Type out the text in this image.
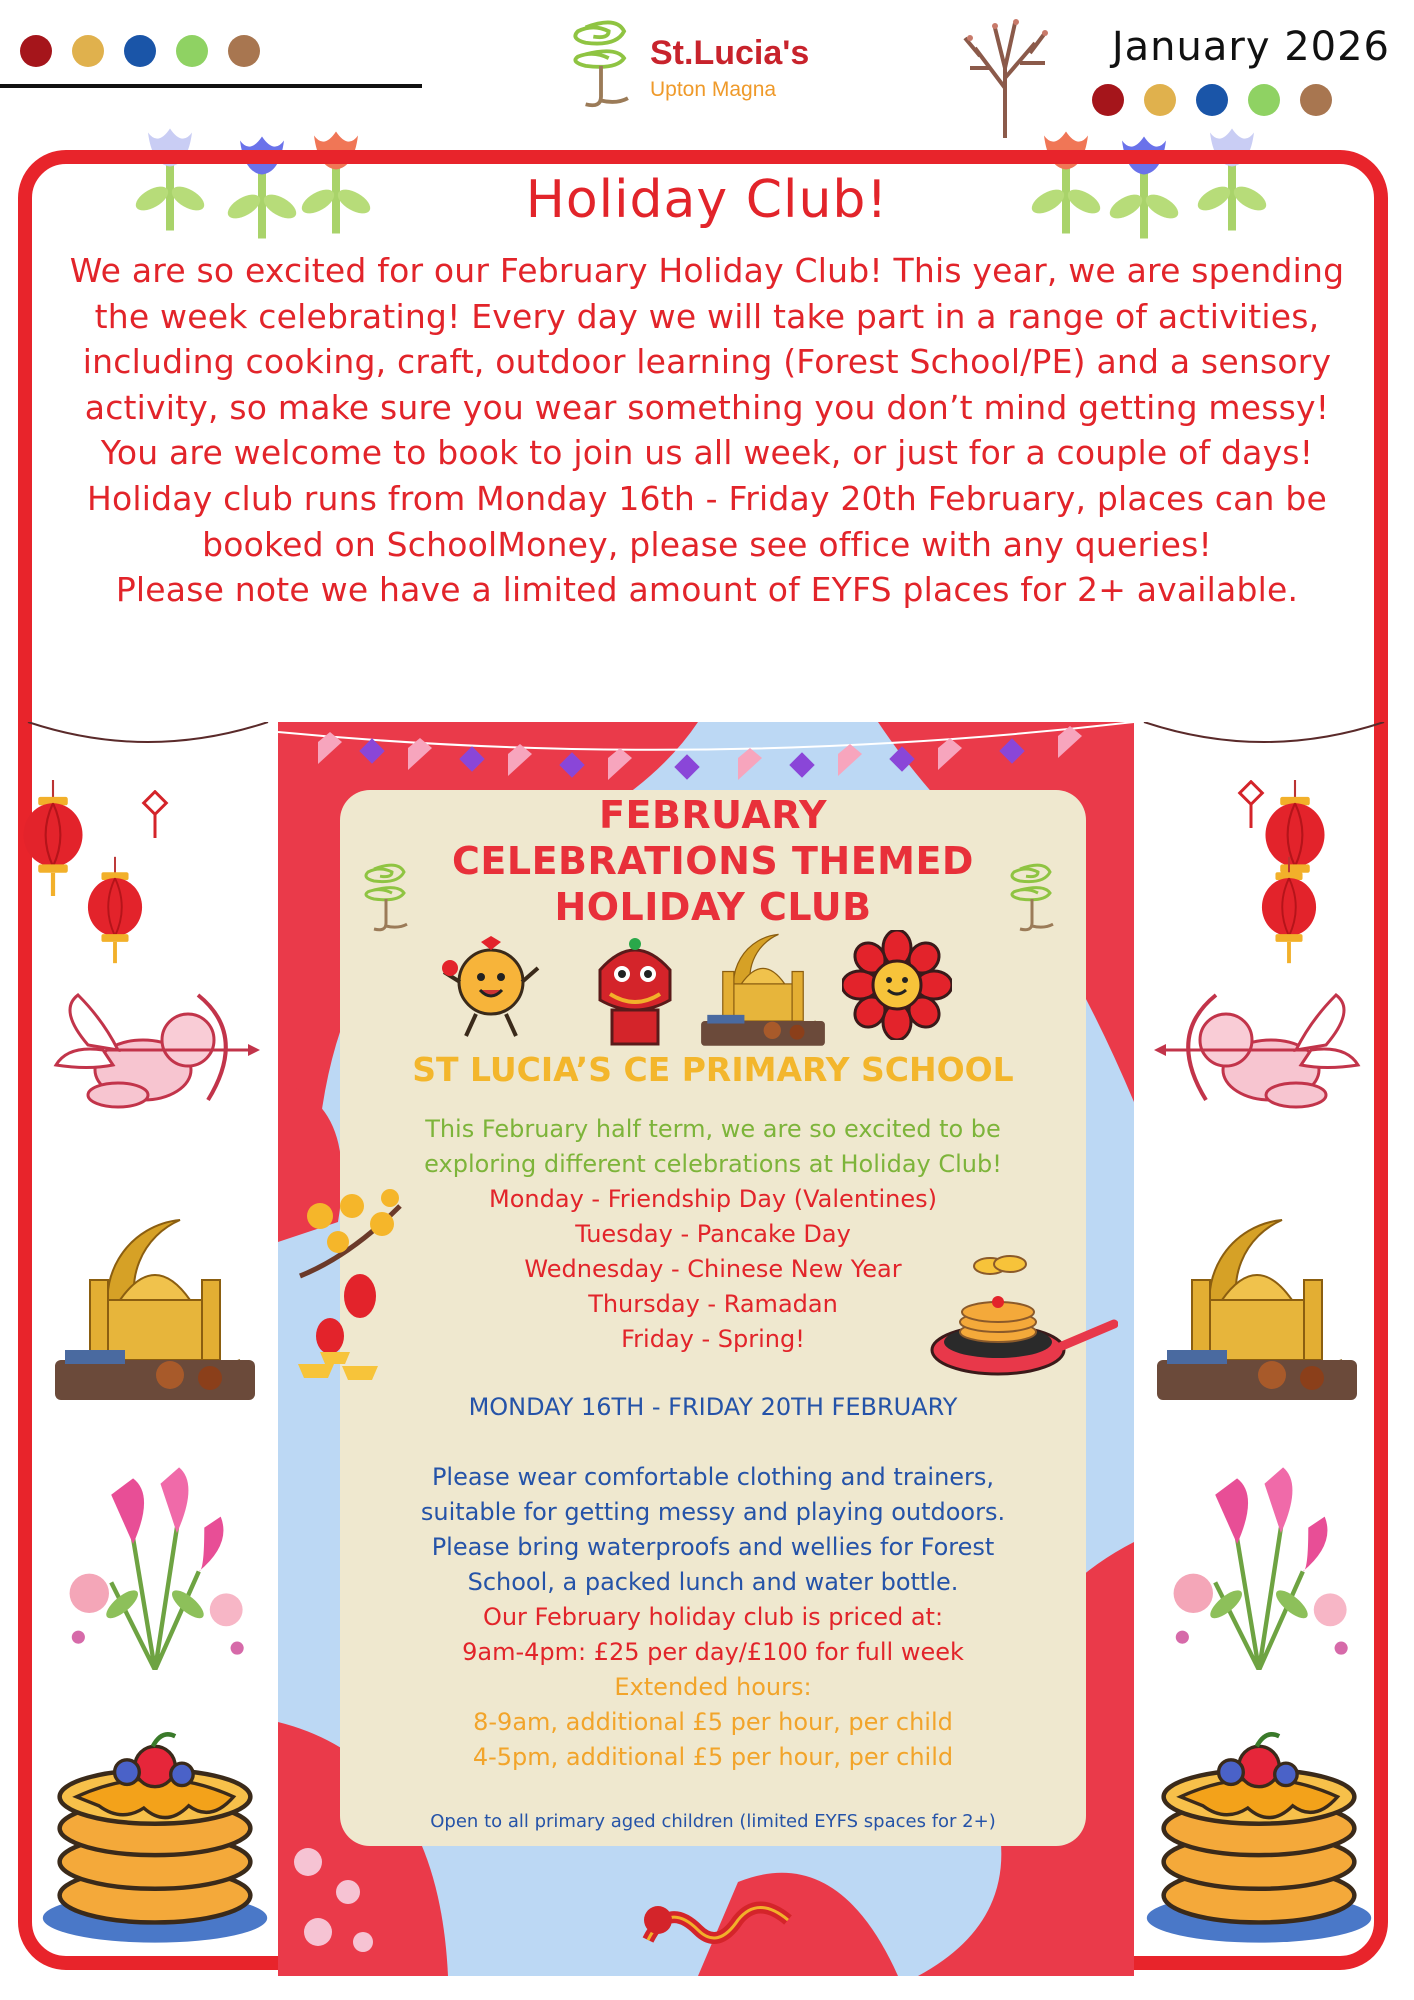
St.Lucia's
Upton Magna
January 2026
Holiday Club!

We are so excited for our February Holiday Club! This year, we are spending the week celebrating! Every day we will take part in a range of activities, including cooking, craft, outdoor learning (Forest School/PE) and a sensory activity, so make sure you wear something you don’t mind getting messy! You are welcome to book to join us all week, or just for a couple of days! Holiday club runs from Monday 16th - Friday 20th February, places can be booked on SchoolMoney, please see office with any queries!

Please note we have a limited amount of EYFS places for 2+ available.

FEBRUARY
CELEBRATIONS THEMED
HOLIDAY CLUB
ST LUCIA’S CE PRIMARY SCHOOL
This February half term, we are so excited to be
exploring different celebrations at Holiday Club!
Monday - Friendship Day (Valentines)
Tuesday - Pancake Day
Wednesday - Chinese New Year
Thursday - Ramadan
Friday - Spring!
MONDAY 16TH - FRIDAY 20TH FEBRUARY
Please wear comfortable clothing and trainers,
suitable for getting messy and playing outdoors.
Please bring waterproofs and wellies for Forest
School, a packed lunch and water bottle.
Our February holiday club is priced at:
9am-4pm: £25 per day/£100 for full week
Extended hours:
8-9am, additional £5 per hour, per child
4-5pm, additional £5 per hour, per child
Open to all primary aged children (limited EYFS spaces for 2+)
